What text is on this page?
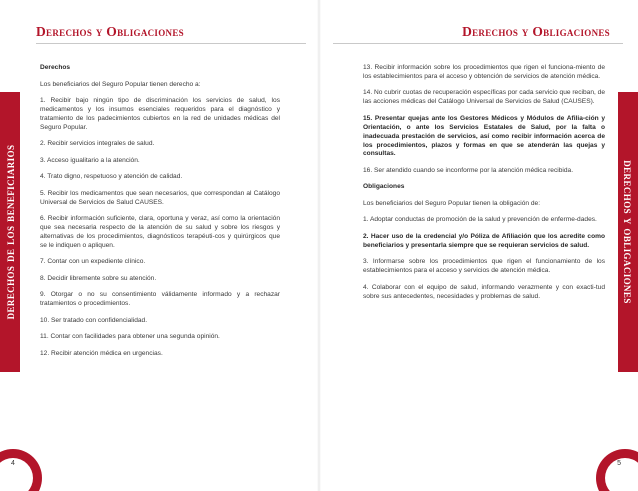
Derechos y Obligaciones
derechos de los beneficiarios

Derechos

Los beneficiarios del Seguro Popular tienen derecho a:

1. Recibir bajo ningún tipo de discriminación los servicios de salud, los medicamentos y los insumos esenciales requeridos para el diagnóstico y tratamiento de los padecimientos cubiertos en la red de unidades médicas del Seguro Popular.

2. Recibir servicios integrales de salud.

3. Acceso igualitario a la atención.

4. Trato digno, respetuoso y atención de calidad.

5. Recibir los medicamentos que sean necesarios, que correspondan al Catálogo Universal de Servicios de Salud CAUSES.

6. Recibir información suficiente, clara, oportuna y veraz, así como la orientación que sea necesaria respecto de la atención de su salud y sobre los riesgos y alternativas de los procedimientos, diagnósticos terapéuti-cos y quirúrgicos que se le indiquen o apliquen.

7. Contar con un expediente clínico.

8. Decidir libremente sobre su atención.

9. Otorgar o no su consentimiento válidamente informado y a rechazar tratamientos o procedimientos.

10. Ser tratado con confidencialidad.

11. Contar con facilidades para obtener una segunda opinión.

12. Recibir atención médica en urgencias.

4
Derechos y Obligaciones
derechos y obligaciones

13. Recibir información sobre los procedimientos que rigen el funciona-miento de los establecimientos para el acceso y obtención de servicios de atención médica.

14. No cubrir cuotas de recuperación específicas por cada servicio que reciban, de las acciones médicas del Catálogo Universal de Servicios de Salud (CAUSES).

15. Presentar quejas ante los Gestores Médicos y Módulos de Afilia-ción y Orientación, o ante los Servicios Estatales de Salud, por la falta o inadecuada prestación de servicios, así como recibir información acerca de los procedimientos, plazos y formas en que se atenderán las quejas y consultas.

16. Ser atendido cuando se inconforme por la atención médica recibida.

Obligaciones

Los beneficiarios del Seguro Popular tienen la obligación de:

1. Adoptar conductas de promoción de la salud y prevención de enferme-dades.

2. Hacer uso de la credencial y/o Póliza de Afiliación que los acredite como beneficiarios y presentarla siempre que se requieran servicios de salud.

3. Informarse sobre los procedimientos que rigen el funcionamiento de los establecimientos para el acceso y servicios de atención médica.

4. Colaborar con el equipo de salud, informando verazmente y con exacti-tud sobre sus antecedentes, necesidades y problemas de salud.

5
